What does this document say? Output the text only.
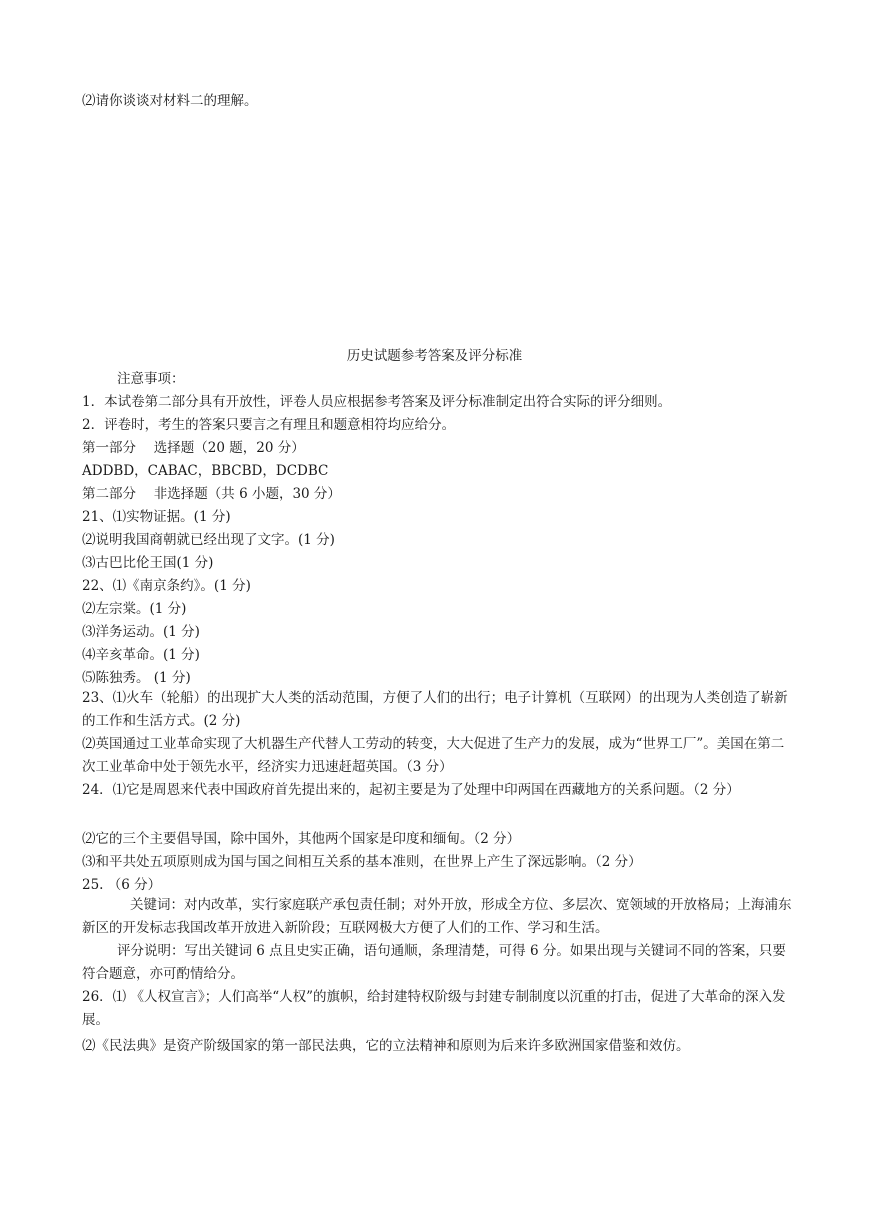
⑵请你谈谈对材料二的理解。
历史试题参考答案及评分标准
注意事项：
1．本试卷第二部分具有开放性，评卷人员应根据参考答案及评分标准制定出符合实际的评分细则。
2．评卷时，考生的答案只要言之有理且和题意相符均应给分。
第一部分　 选择题（20 题，20 分）
ADDBD，CABAC，BBCBD，DCDBC
第二部分　 非选择题（共 6 小题，30 分）
21、⑴实物证据。(1 分)
⑵说明我国商朝就已经出现了文字。(1 分)
⑶古巴比伦王国(1 分)
22、⑴《南京条约》。(1 分)
⑵左宗棠。(1 分)
⑶洋务运动。(1 分)
⑷辛亥革命。(1 分)
⑸陈独秀。 (1 分)
23、⑴火车（轮船）的出现扩大人类的活动范围，方便了人们的出行；电子计算机（互联网）的出现为人类创造了崭新的工作和生活方式。(2 分)
⑵英国通过工业革命实现了大机器生产代替人工劳动的转变，大大促进了生产力的发展，成为“世界工厂”。美国在第二次工业革命中处于领先水平，经济实力迅速赶超英国。（3 分）
24．⑴它是周恩来代表中国政府首先提出来的，起初主要是为了处理中印两国在西藏地方的关系问题。（2 分）
⑵它的三个主要倡导国，除中国外，其他两个国家是印度和缅甸。（2 分）
⑶和平共处五项原则成为国与国之间相互关系的基本准则，在世界上产生了深远影响。（2 分）
25. （6 分）
关键词：对内改革，实行家庭联产承包责任制；对外开放，形成全方位、多层次、宽领域的开放格局；上海浦东新区的开发标志我国改革开放进入新阶段；互联网极大方便了人们的工作、学习和生活。
评分说明：写出关键词 6 点且史实正确，语句通顺，条理清楚，可得 6 分。如果出现与关键词不同的答案，只要符合题意，亦可酌情给分。
26．⑴ 《人权宣言》；人们高举“人权”的旗帜，给封建特权阶级与封建专制制度以沉重的打击，促进了大革命的深入发展。
⑵《民法典》是资产阶级国家的第一部民法典，它的立法精神和原则为后来许多欧洲国家借鉴和效仿。
